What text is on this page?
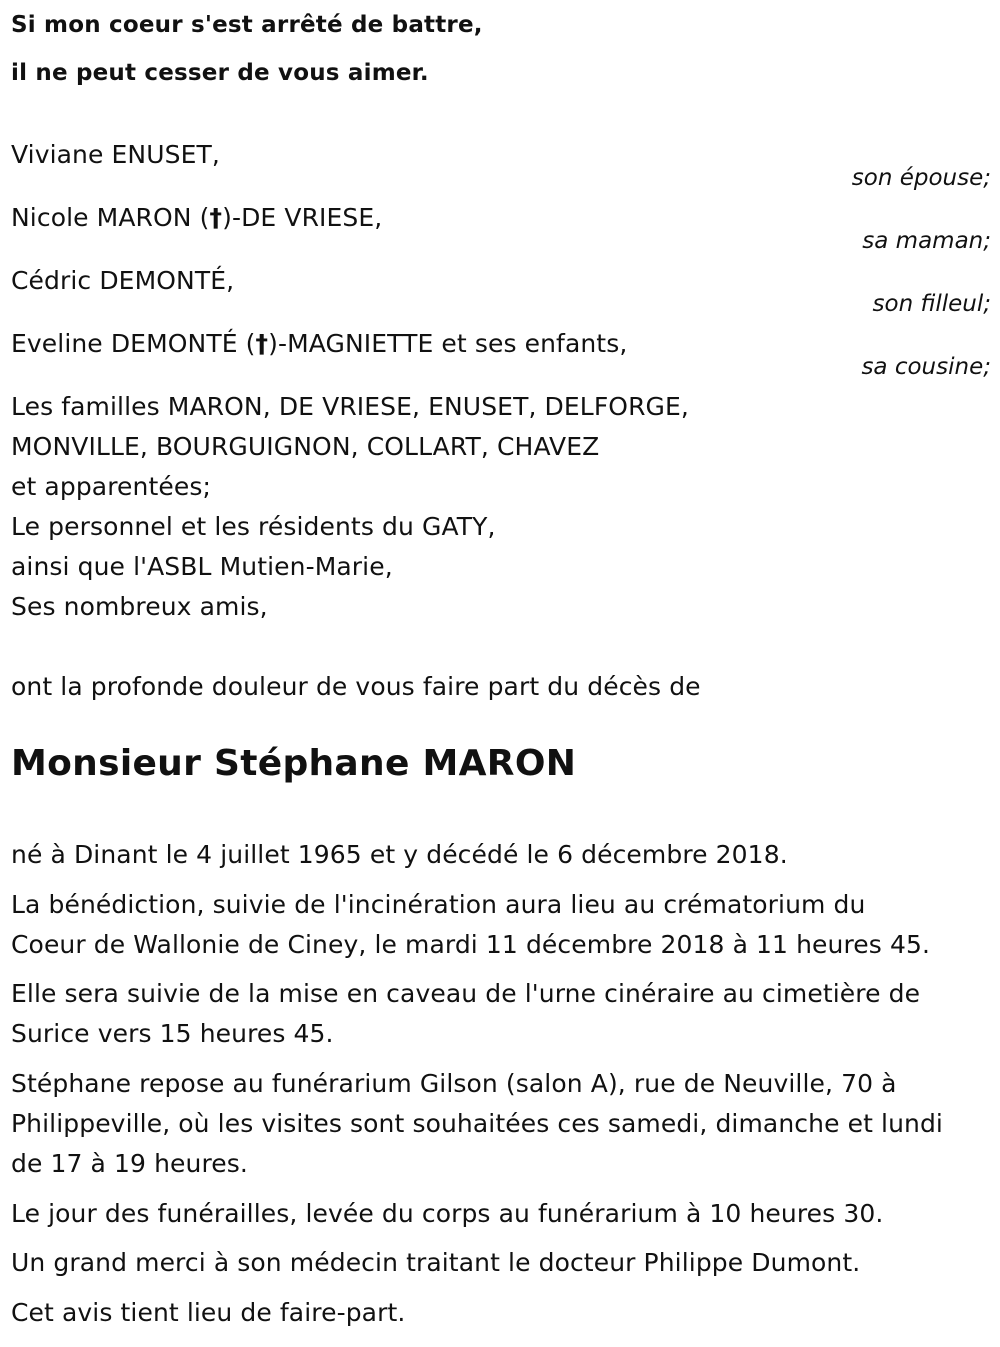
Si mon coeur s'est arrêté de battre,
il ne peut cesser de vous aimer.
Viviane ENUSET,
son épouse;
Nicole MARON (†)-DE VRIESE,
sa maman;
Cédric DEMONTÉ,
son filleul;
Eveline DEMONTÉ (†)-MAGNIETTE et ses enfants,
sa cousine;
Les familles MARON, DE VRIESE, ENUSET, DELFORGE,
MONVILLE, BOURGUIGNON, COLLART, CHAVEZ
et apparentées;
Le personnel et les résidents du GATY,
ainsi que l'ASBL Mutien-Marie,
Ses nombreux amis,
ont la profonde douleur de vous faire part du décès de
Monsieur Stéphane MARON
né à Dinant le 4 juillet 1965 et y décédé le 6 décembre 2018.
La bénédiction, suivie de l'incinération aura lieu au crématorium du
Coeur de Wallonie de Ciney, le mardi 11 décembre 2018 à 11 heures 45.
Elle sera suivie de la mise en caveau de l'urne cinéraire au cimetière de
Surice vers 15 heures 45.
Stéphane repose au funérarium Gilson (salon A), rue de Neuville, 70 à
Philippeville, où les visites sont souhaitées ces samedi, dimanche et lundi
de 17 à 19 heures.
Le jour des funérailles, levée du corps au funérarium à 10 heures 30.
Un grand merci à son médecin traitant le docteur Philippe Dumont.
Cet avis tient lieu de faire-part.
